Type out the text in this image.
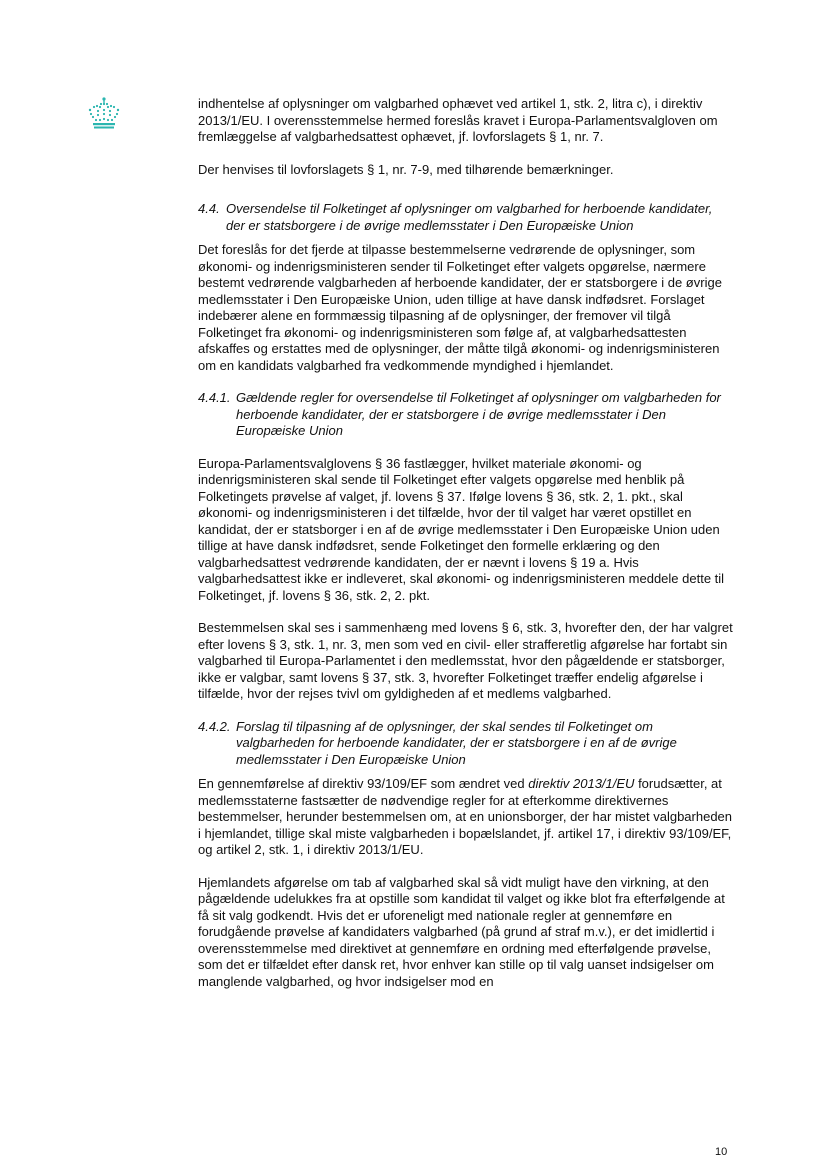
indhentelse af oplysninger om valgbarhed ophævet ved artikel 1, stk. 2, litra c), i direktiv 2013/1/EU. I overensstemmelse hermed foreslås kravet i Europa-Parlamentsvalgloven om fremlæggelse af valgbarhedsattest ophævet, jf. lovforslagets § 1, nr. 7.

Der henvises til lovforslagets § 1, nr. 7-9, med tilhørende bemærkninger.

4.4. Oversendelse til Folketinget af oplysninger om valgbarhed for herboende kandidater, der er statsborgere i de øvrige medlemsstater i Den Europæiske Union

Det foreslås for det fjerde at tilpasse bestemmelserne vedrørende de oplysninger, som økonomi- og indenrigsministeren sender til Folketinget efter valgets opgørelse, nærmere bestemt vedrørende valgbarheden af herboende kandidater, der er statsborgere i de øvrige medlemsstater i Den Europæiske Union, uden tillige at have dansk indfødsret. Forslaget indebærer alene en formmæssig tilpasning af de oplysninger, der fremover vil tilgå Folketinget fra økonomi- og indenrigsministeren som følge af, at valgbarhedsattesten afskaffes og erstattes med de oplysninger, der måtte tilgå økonomi- og indenrigsministeren om en kandidats valgbarhed fra vedkommende myndighed i hjemlandet.

4.4.1. Gældende regler for oversendelse til Folketinget af oplysninger om valgbarheden for herboende kandidater, der er statsborgere i de øvrige medlemsstater i Den Europæiske Union

Europa-Parlamentsvalglovens § 36 fastlægger, hvilket materiale økonomi- og indenrigsministeren skal sende til Folketinget efter valgets opgørelse med henblik på Folketingets prøvelse af valget, jf. lovens § 37. Ifølge lovens § 36, stk. 2, 1. pkt., skal økonomi- og indenrigsministeren i det tilfælde, hvor der til valget har været opstillet en kandidat, der er statsborger i en af de øvrige medlemsstater i Den Europæiske Union uden tillige at have dansk indfødsret, sende Folketinget den formelle erklæring og den valgbarhedsattest vedrørende kandidaten, der er nævnt i lovens § 19 a. Hvis valgbarhedsattest ikke er indleveret, skal økonomi- og indenrigsministeren meddele dette til Folketinget, jf. lovens § 36, stk. 2, 2. pkt.

Bestemmelsen skal ses i sammenhæng med lovens § 6, stk. 3, hvorefter den, der har valgret efter lovens § 3, stk. 1, nr. 3, men som ved en civil- eller strafferetlig afgørelse har fortabt sin valgbarhed til Europa-Parlamentet i den medlemsstat, hvor den pågældende er statsborger, ikke er valgbar, samt lovens § 37, stk. 3, hvorefter Folketinget træffer endelig afgørelse i tilfælde, hvor der rejses tvivl om gyldigheden af et medlems valgbarhed.

4.4.2. Forslag til tilpasning af de oplysninger, der skal sendes til Folketinget om valgbarheden for herboende kandidater, der er statsborgere i en af de øvrige medlemsstater i Den Europæiske Union

En gennemførelse af direktiv 93/109/EF som ændret ved direktiv 2013/1/EU forudsætter, at medlemsstaterne fastsætter de nødvendige regler for at efterkomme direktivernes bestemmelser, herunder bestemmelsen om, at en unionsborger, der har mistet valgbarheden i hjemlandet, tillige skal miste valgbarheden i bopælslandet, jf. artikel 17, i direktiv 93/109/EF, og artikel 2, stk. 1, i direktiv 2013/1/EU.

Hjemlandets afgørelse om tab af valgbarhed skal så vidt muligt have den virkning, at den pågældende udelukkes fra at opstille som kandidat til valget og ikke blot fra efterfølgende at få sit valg godkendt. Hvis det er uforeneligt med nationale regler at gennemføre en forudgående prøvelse af kandidaters valgbarhed (på grund af straf m.v.), er det imidlertid i overensstemmelse med direktivet at gennemføre en ordning med efterfølgende prøvelse, som det er tilfældet efter dansk ret, hvor enhver kan stille op til valg uanset indsigelser om manglende valgbarhed, og hvor indsigelser mod en

10
